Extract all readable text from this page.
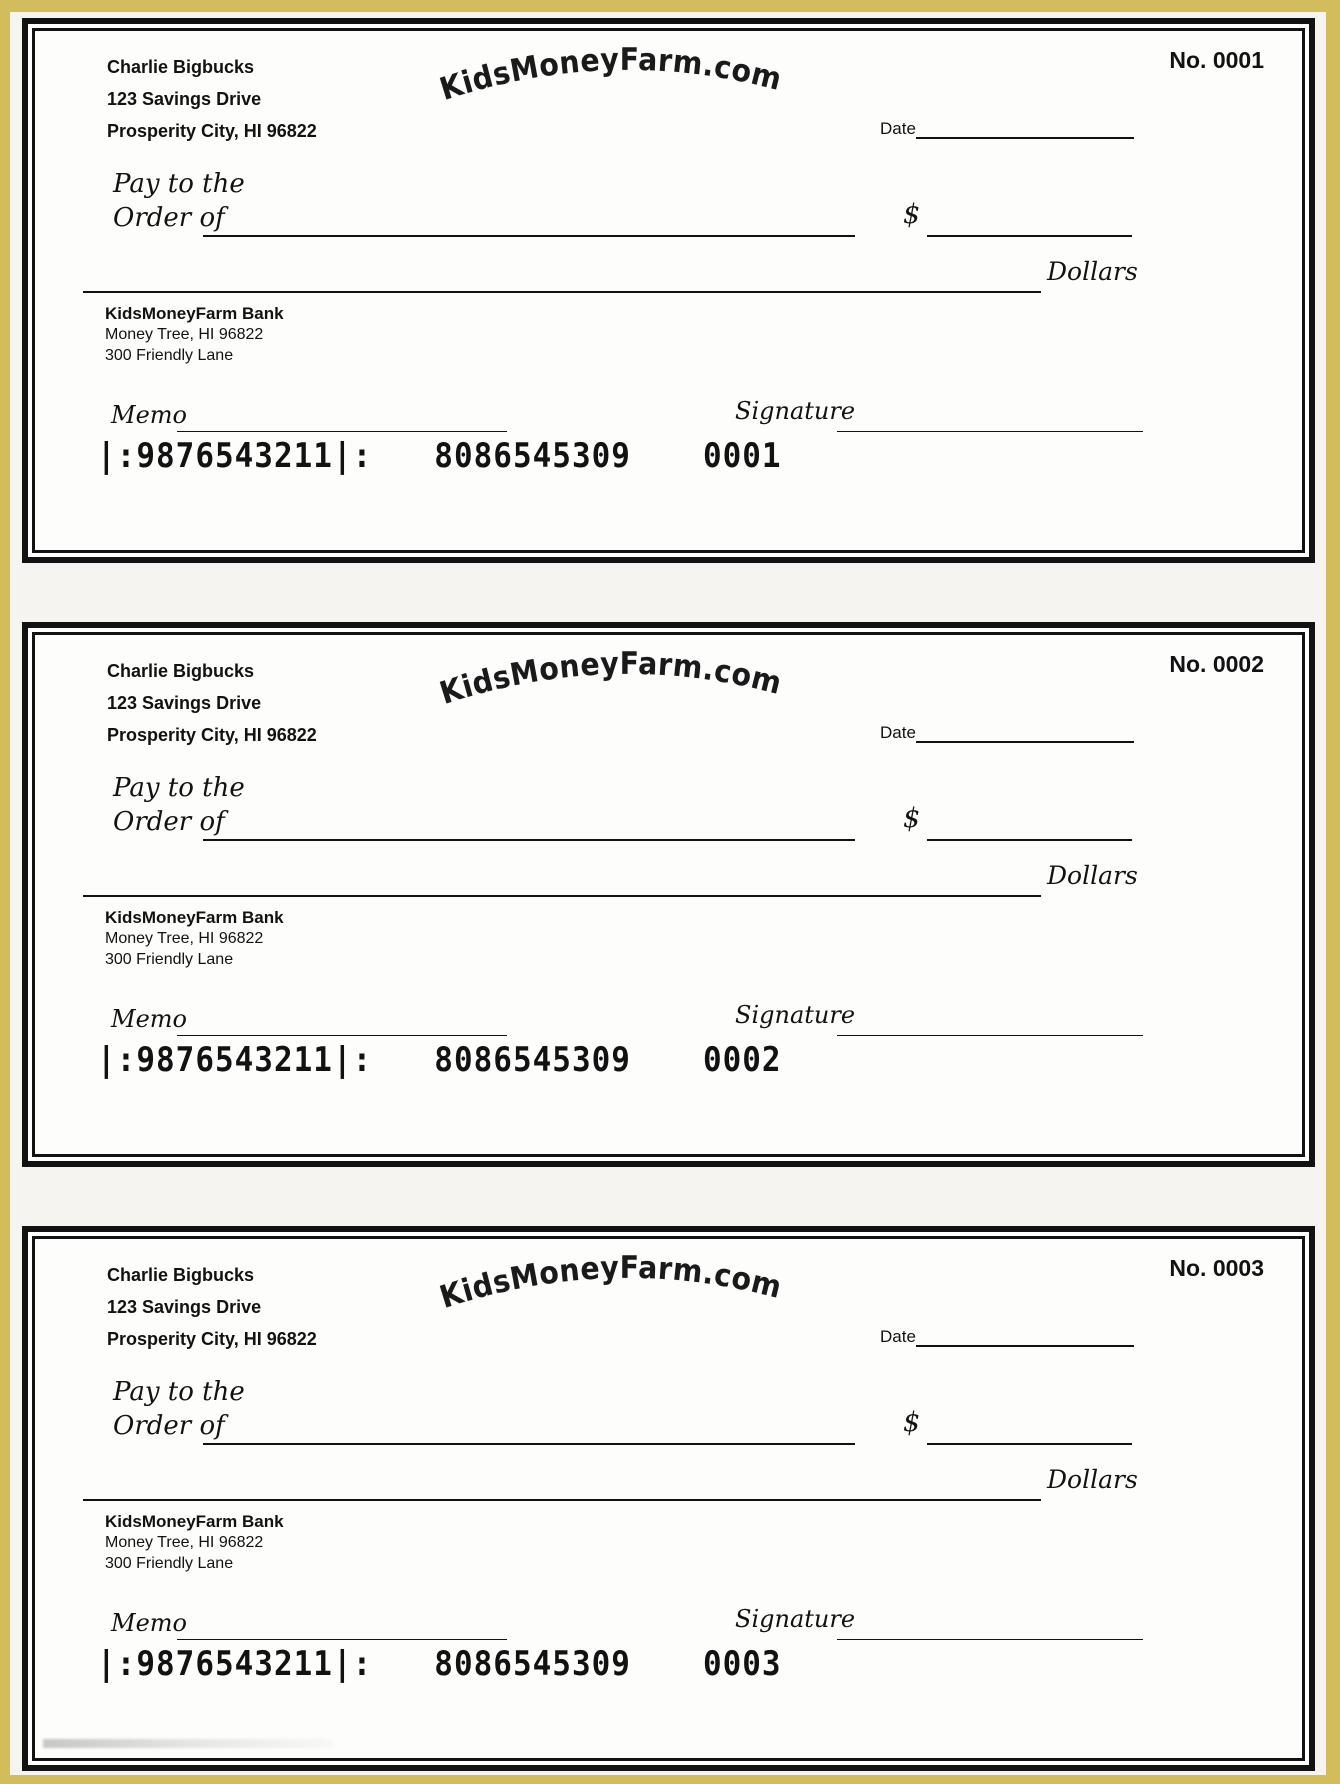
Charlie Bigbucks
123 Savings Drive
Prosperity City, HI 96822
KidsMoneyFarm.com	No. 0001
Date
Pay to the
Order of	$
Dollars
KidsMoneyFarm Bank
Money Tree, HI 96822
300 Friendly Lane
Memo	Signature
|:9876543211|: 8086545309 0001
Charlie Bigbucks
123 Savings Drive
Prosperity City, HI 96822
KidsMoneyFarm.com	No. 0002
Date
Pay to the
Order of	$
Dollars
KidsMoneyFarm Bank
Money Tree, HI 96822
300 Friendly Lane
Memo	Signature
|:9876543211|: 8086545309 0002
Charlie Bigbucks
123 Savings Drive
Prosperity City, HI 96822
KidsMoneyFarm.com	No. 0003
Date
Pay to the
Order of	$
Dollars
KidsMoneyFarm Bank
Money Tree, HI 96822
300 Friendly Lane
Memo	Signature
|:9876543211|: 8086545309 0003
